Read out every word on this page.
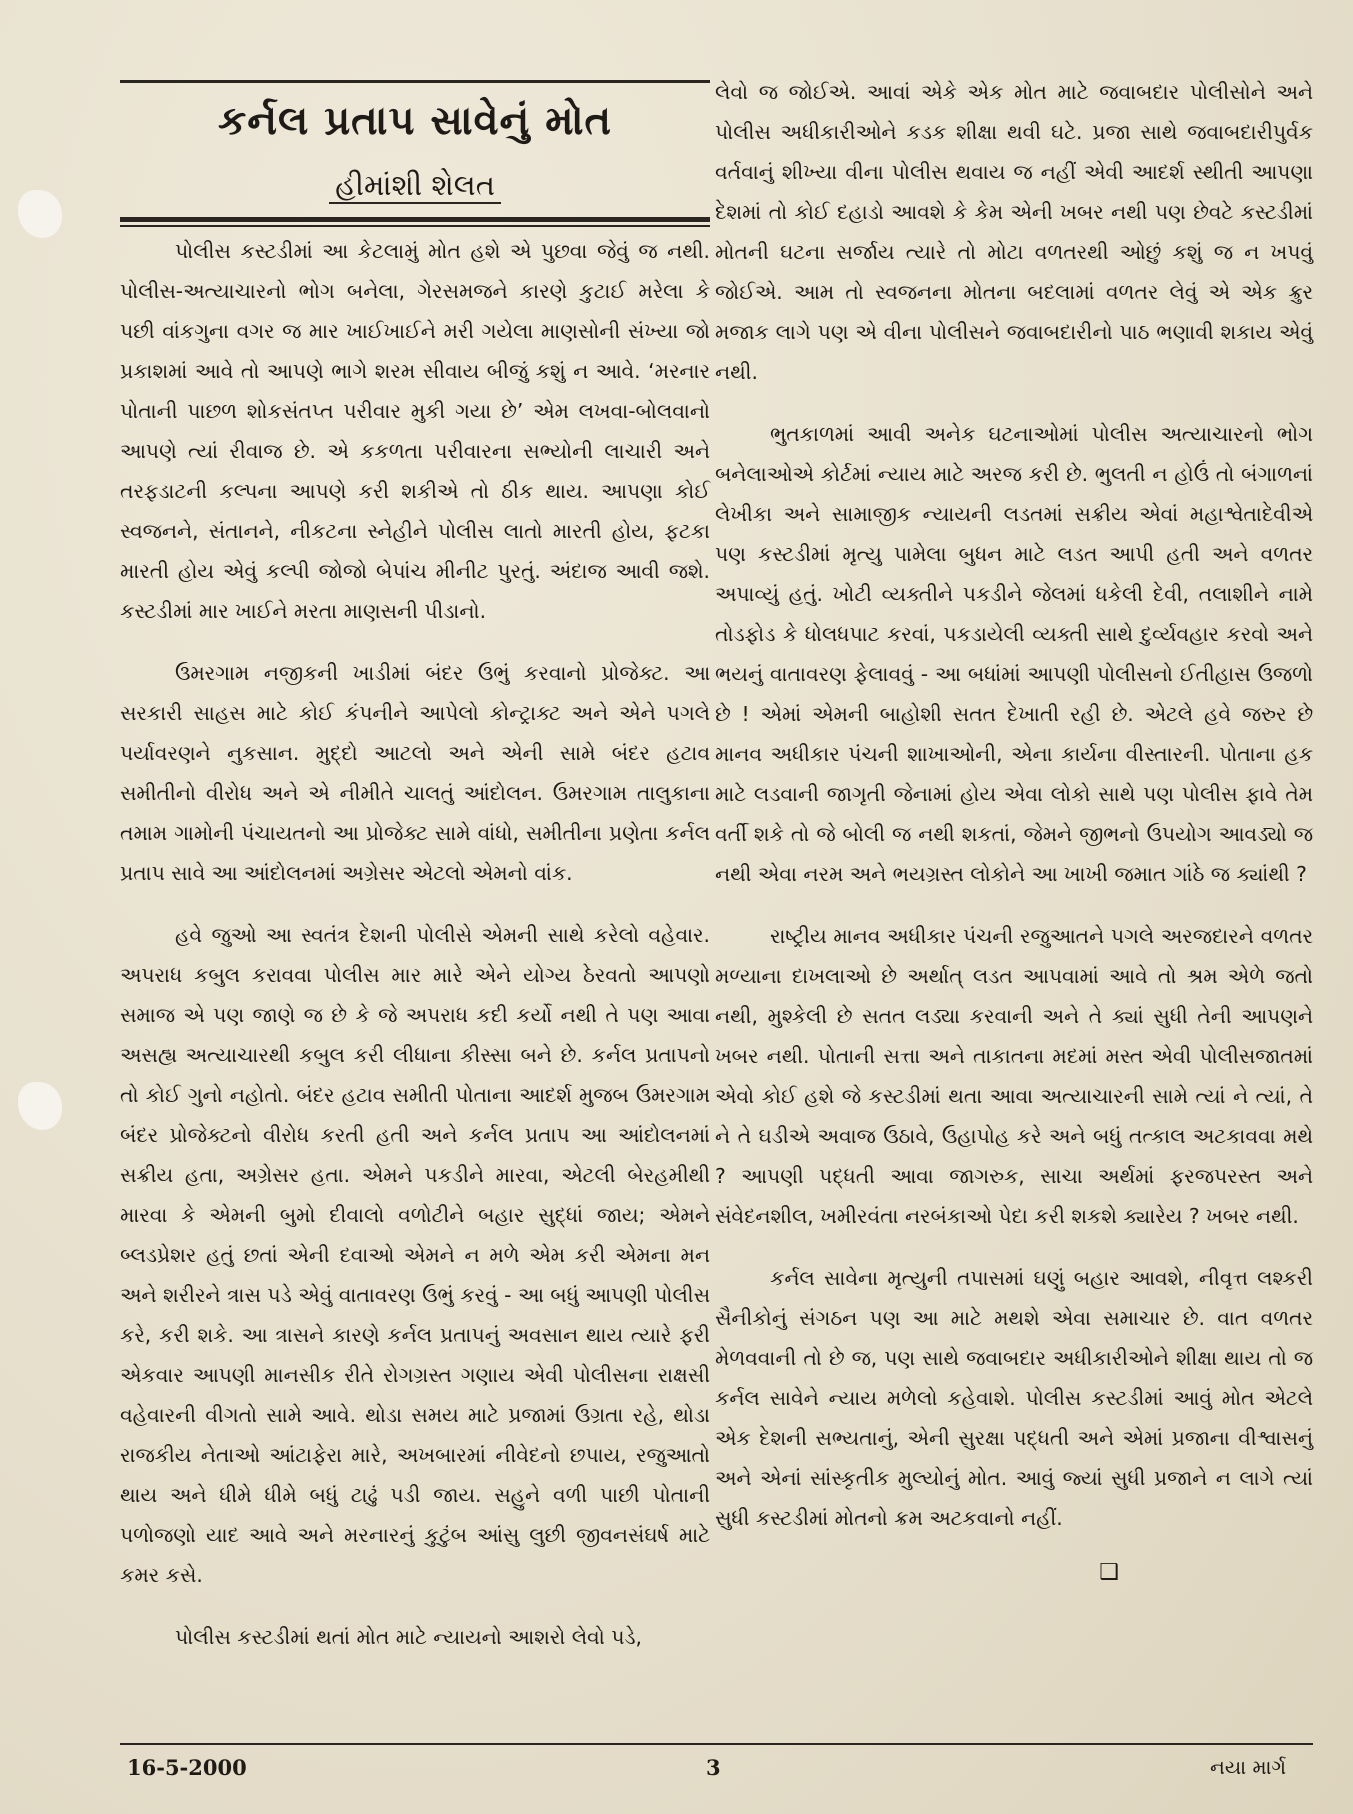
કર્નલ પ્રતાપ સાવેનું મોત
હીમાંશી શેલત

પોલીસ કસ્ટડીમાં આ કેટલામું મોત હશે એ પુછવા જેવું જ નથી. પોલીસ-અત્યાચારનો ભોગ બનેલા, ગેરસમજને કારણે કુટાઈ મરેલા કે પછી વાંકગુના વગર જ માર ખાઈખાઈને મરી ગયેલા માણસોની સંખ્યા જો પ્રકાશમાં આવે તો આપણે ભાગે શરમ સીવાય બીજું કશું ન આવે. ‘મરનાર પોતાની પાછળ શોકસંતપ્ત પરીવાર મુકી ગયા છે’ એમ લખવા-બોલવાનો આપણે ત્યાં રીવાજ છે. એ કકળતા પરીવારના સભ્યોની લાચારી અને તરફડાટની કલ્પના આપણે કરી શકીએ તો ઠીક થાય. આપણા કોઈ સ્વજનને, સંતાનને, નીકટના સ્નેહીને પોલીસ લાતો મારતી હોય, ફટકા મારતી હોય એવું કલ્પી જોજો બેપાંચ મીનીટ પુરતું. અંદાજ આવી જશે. કસ્ટડીમાં માર ખાઈને મરતા માણસની પીડાનો.

ઉમરગામ નજીકની ખાડીમાં બંદર ઉભું કરવાનો પ્રોજેક્ટ. આ સરકારી સાહસ માટે કોઈ કંપનીને આપેલો કોન્ટ્રાક્ટ અને એને પગલે પર્યાવરણને નુકસાન. મુદ્દો આટલો અને એની સામે બંદર હટાવ સમીતીનો વીરોધ અને એ નીમીતે ચાલતું આંદોલન. ઉમરગામ તાલુકાના તમામ ગામોની પંચાયતનો આ પ્રોજેક્ટ સામે વાંધો, સમીતીના પ્રણેતા કર્નલ પ્રતાપ સાવે આ આંદોલનમાં અગ્રેસર એટલો એમનો વાંક.

હવે જુઓ આ સ્વતંત્ર દેશની પોલીસે એમની સાથે કરેલો વહેવાર. અપરાધ કબુલ કરાવવા પોલીસ માર મારે એને યોગ્ય ઠેરવતો આપણો સમાજ એ પણ જાણે જ છે કે જે અપરાધ કદી કર્યો નથી તે પણ આવા અસહ્ય અત્યાચારથી કબુલ કરી લીધાના કીસ્સા બને છે. કર્નલ પ્રતાપનો તો કોઈ ગુનો નહોતો. બંદર હટાવ સમીતી પોતાના આદર્શ મુજબ ઉમરગામ બંદર પ્રોજેક્ટનો વીરોધ કરતી હતી અને કર્નલ પ્રતાપ આ આંદોલનમાં સક્રીય હતા, અગ્રેસર હતા. એમને પકડીને મારવા, એટલી બેરહમીથી મારવા કે એમની બુમો દીવાલો વળોટીને બહાર સુદ્ધાં જાય; એમને બ્લડપ્રેશર હતું છતાં એની દવાઓ એમને ન મળે એમ કરી એમના મન અને શરીરને ત્રાસ પડે એવું વાતાવરણ ઉભું કરવું - આ બધું આપણી પોલીસ કરે, કરી શકે. આ ત્રાસને કારણે કર્નલ પ્રતાપનું અવસાન થાય ત્યારે ફરી એકવાર આપણી માનસીક રીતે રોગગ્રસ્ત ગણાય એવી પોલીસના રાક્ષસી વહેવારની વીગતો સામે આવે. થોડા સમય માટે પ્રજામાં ઉગ્રતા રહે, થોડા રાજકીય નેતાઓ આંટાફેરા મારે, અખબારમાં નીવેદનો છપાય, રજુઆતો થાય અને ધીમે ધીમે બધું ટાઢું પડી જાય. સહુને વળી પાછી પોતાની પળોજણો યાદ આવે અને મરનારનું કુટુંબ આંસુ લુછી જીવનસંઘર્ષ માટે કમર કસે.

પોલીસ કસ્ટડીમાં થતાં મોત માટે ન્યાયનો આશરો લેવો પડે,

લેવો જ જોઈએ. આવાં એકે એક મોત માટે જવાબદાર પોલીસોને અને પોલીસ અધીકારીઓને કડક શીક્ષા થવી ઘટે. પ્રજા સાથે જવાબદારીપુર્વક વર્તવાનું શીખ્યા વીના પોલીસ થવાય જ નહીં એવી આદર્શ સ્થીતી આપણા દેશમાં તો કોઈ દહાડો આવશે કે કેમ એની ખબર નથી પણ છેવટે કસ્ટડીમાં મોતની ઘટના સર્જાય ત્યારે તો મોટા વળતરથી ઓછું કશું જ ન ખપવું જોઈએ. આમ તો સ્વજનના મોતના બદલામાં વળતર લેવું એ એક ક્રુર મજાક લાગે પણ એ વીના પોલીસને જવાબદારીનો પાઠ ભણાવી શકાય એવું નથી.

ભુતકાળમાં આવી અનેક ઘટનાઓમાં પોલીસ અત્યાચારનો ભોગ બનેલાઓએ કોર્ટમાં ન્યાય માટે અરજ કરી છે. ભુલતી ન હોઉં તો બંગાળનાં લેખીકા અને સામાજીક ન્યાયની લડતમાં સક્રીય એવાં મહાશ્વેતાદેવીએ પણ કસ્ટડીમાં મૃત્યુ પામેલા બુધન માટે લડત આપી હતી અને વળતર અપાવ્યું હતું. ખોટી વ્યક્તીને પકડીને જેલમાં ધકેલી દેવી, તલાશીને નામે તોડફોડ કે ધોલધપાટ કરવાં, પકડાયેલી વ્યક્તી સાથે દુર્વ્યવહાર કરવો અને ભયનું વાતાવરણ ફેલાવવું - આ બધાંમાં આપણી પોલીસનો ઈતીહાસ ઉજળો છે ! એમાં એમની બાહોશી સતત દેખાતી રહી છે. એટલે હવે જરુર છે માનવ અધીકાર પંચની શાખાઓની, એના કાર્યના વીસ્તારની. પોતાના હક માટે લડવાની જાગૃતી જેનામાં હોય એવા લોકો સાથે પણ પોલીસ ફાવે તેમ વર્તી શકે તો જે બોલી જ નથી શકતાં, જેમને જીભનો ઉપયોગ આવડ્યો જ નથી એવા નરમ અને ભયગ્રસ્ત લોકોને આ ખાખી જમાત ગાંઠે જ ક્યાંથી ?

રાષ્ટ્રીય માનવ અધીકાર પંચની રજુઆતને પગલે અરજદારને વળતર મળ્યાના દાખલાઓ છે અર્થાત્ લડત આપવામાં આવે તો શ્રમ એળે જતો નથી, મુશ્કેલી છે સતત લડ્યા કરવાની અને તે ક્યાં સુધી તેની આપણને ખબર નથી. પોતાની સત્તા અને તાકાતના મદમાં મસ્ત એવી પોલીસજાતમાં એવો કોઈ હશે જે કસ્ટડીમાં થતા આવા અત્યાચારની સામે ત્યાં ને ત્યાં, તે ને તે ઘડીએ અવાજ ઉઠાવે, ઉહાપોહ કરે અને બધું તત્કાલ અટકાવવા મથે ? આપણી પદ્ધતી આવા જાગરુક, સાચા અર્થમાં ફરજપરસ્ત અને સંવેદનશીલ, ખમીરવંતા નરબંકાઓ પેદા કરી શકશે ક્યારેય ? ખબર નથી.

કર્નલ સાવેના મૃત્યુની તપાસમાં ઘણું બહાર આવશે, નીવૃત્ત લશ્કરી સૈનીકોનું સંગઠન પણ આ માટે મથશે એવા સમાચાર છે. વાત વળતર મેળવવાની તો છે જ, પણ સાથે જવાબદાર અધીકારીઓને શીક્ષા થાય તો જ કર્નલ સાવેને ન્યાય મળેલો કહેવાશે. પોલીસ કસ્ટડીમાં આવું મોત એટલે એક દેશની સભ્યતાનું, એની સુરક્ષા પદ્ધતી અને એમાં પ્રજાના વીશ્વાસનું અને એનાં સાંસ્કૃતીક મુલ્યોનું મોત. આવું જ્યાં સુધી પ્રજાને ન લાગે ત્યાં સુધી કસ્ટડીમાં મોતનો ક્રમ અટકવાનો નહીં.

❑
16-5-2000	3	નયા માર્ગ
